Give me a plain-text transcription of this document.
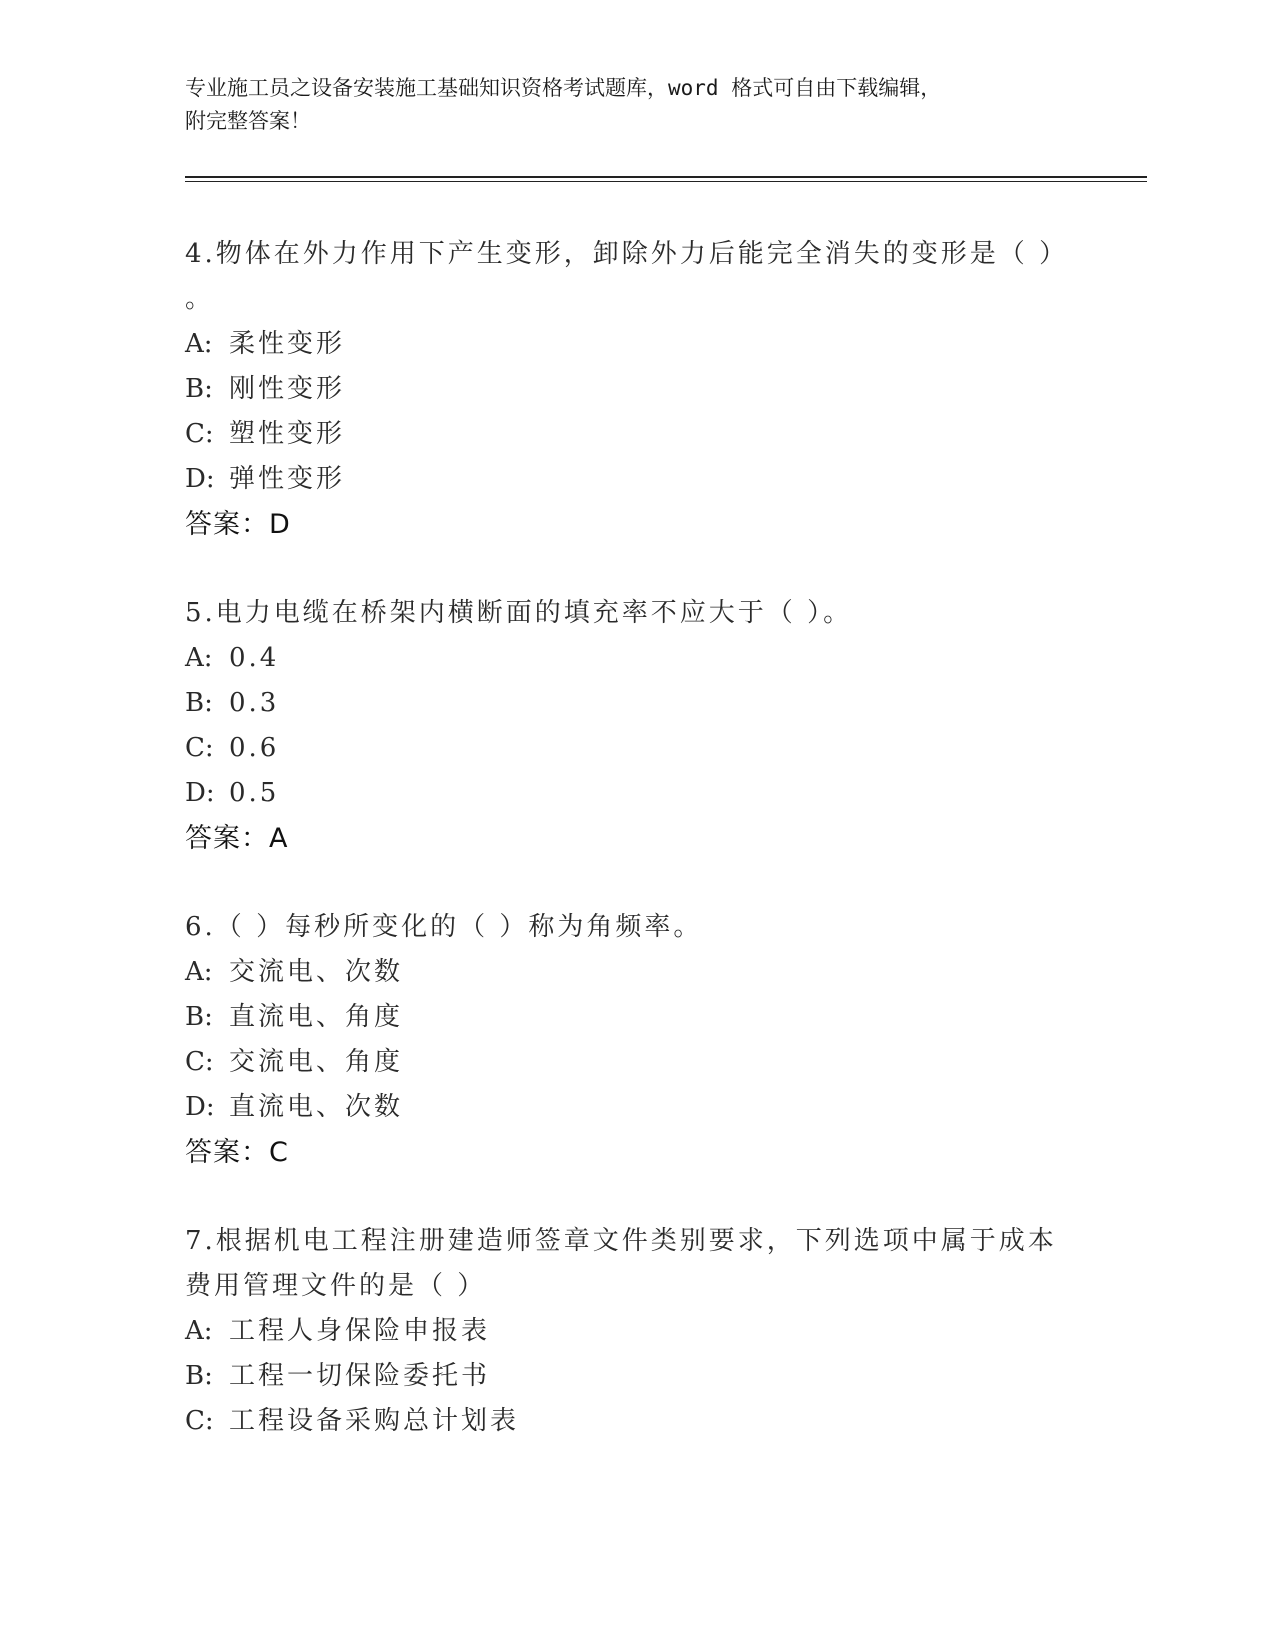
专业施工员之设备安装施工基础知识资格考试题库，word 格式可自由下载编辑，
附完整答案！
4.物体在外力作用下产生变形，卸除外力后能完全消失的变形是（ ）
。
A: 柔性变形
B: 刚性变形
C: 塑性变形
D: 弹性变形
答案：D
5.电力电缆在桥架内横断面的填充率不应大于（ ）。
A: 0.4
B: 0.3
C: 0.6
D: 0.5
答案：A
6.（ ）每秒所变化的（ ）称为角频率。
A: 交流电、次数
B: 直流电、角度
C: 交流电、角度
D: 直流电、次数
答案：C
7.根据机电工程注册建造师签章文件类别要求，下列选项中属于成本
费用管理文件的是（ ）
A: 工程人身保险申报表
B: 工程一切保险委托书
C: 工程设备采购总计划表
